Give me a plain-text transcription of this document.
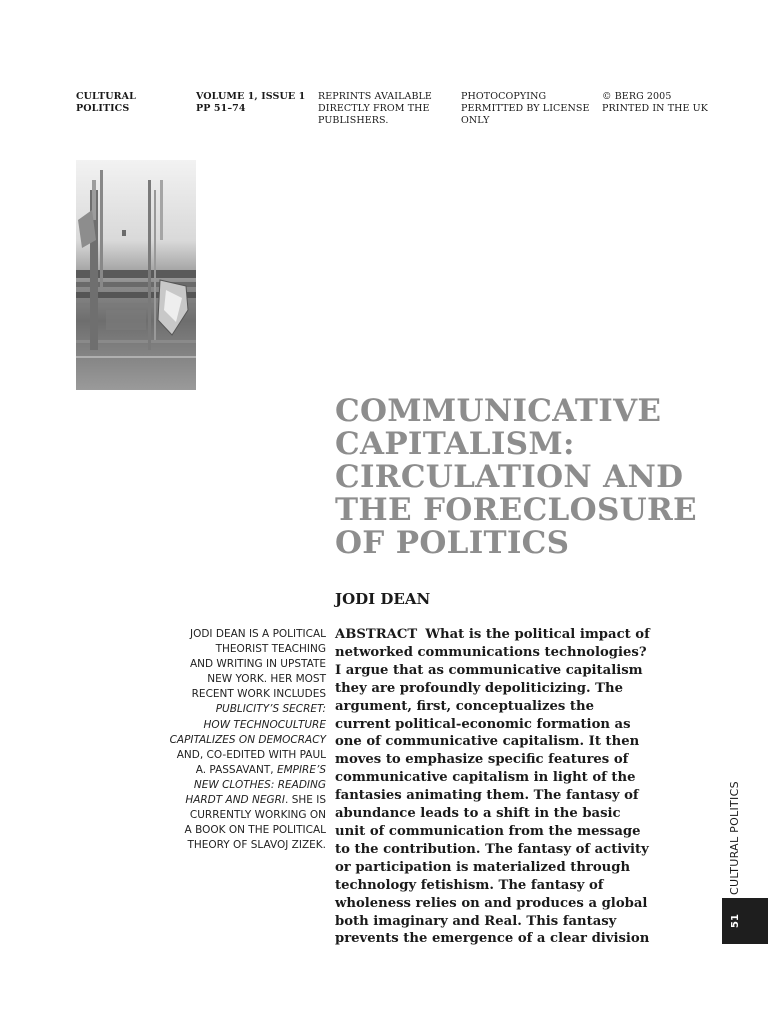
CULTURAL POLITICS
VOLUME 1, ISSUE 1
PP 51–74
REPRINTS AVAILABLE
DIRECTLY FROM THE
PUBLISHERS.
PHOTOCOPYING
PERMITTED BY LICENSE
ONLY
© BERG 2005
PRINTED IN THE UK
COMMUNICATIVE
CAPITALISM:
CIRCULATION AND
THE FORECLOSURE
OF POLITICS
JODI DEAN
JODI DEAN IS A POLITICAL
THEORIST TEACHING
AND WRITING IN UPSTATE
NEW YORK. HER MOST
RECENT WORK INCLUDES
PUBLICITY’S SECRET:
HOW TECHNOCULTURE
CAPITALIZES ON DEMOCRACY
AND, CO-EDITED WITH PAUL
A. PASSAVANT, EMPIRE’S
NEW CLOTHES: READING
HARDT AND NEGRI. SHE IS
CURRENTLY WORKING ON
A BOOK ON THE POLITICAL
THEORY OF SLAVOJ ZIZEK.
ABSTRACT What is the political impact of
networked communications technologies?
I argue that as communicative capitalism
they are profoundly depoliticizing. The
argument, first, conceptualizes the
current political-economic formation as
one of communicative capitalism. It then
moves to emphasize specific features of
communicative capitalism in light of the
fantasies animating them. The fantasy of
abundance leads to a shift in the basic
unit of communication from the message
to the contribution. The fantasy of activity
or participation is materialized through
technology fetishism. The fantasy of
wholeness relies on and produces a global
both imaginary and Real. This fantasy
prevents the emergence of a clear division
CULTURAL POLITICS
51
